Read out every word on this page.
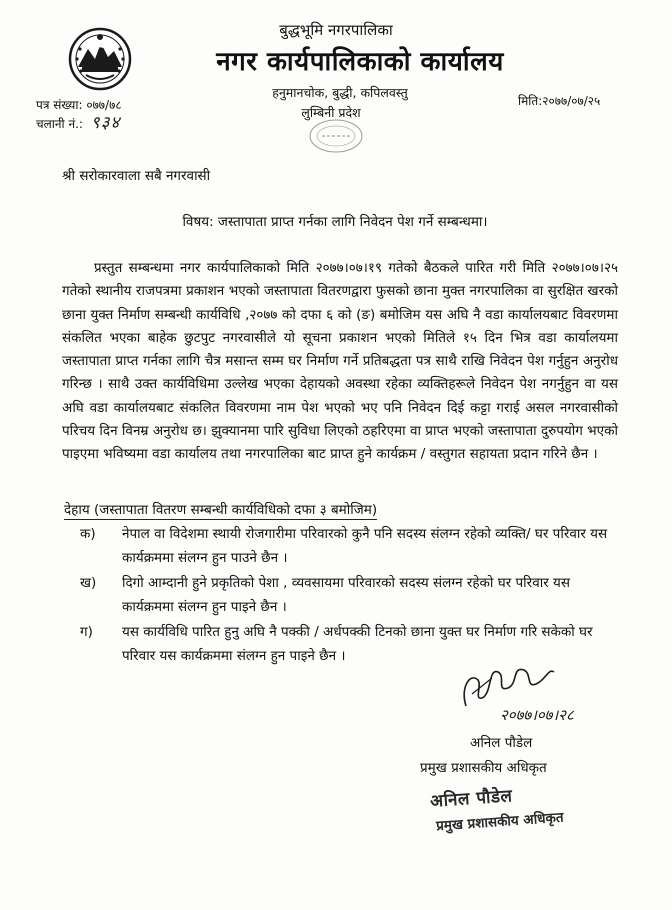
बुद्धभूमि नगरपालिका
नगर कार्यपालिकाको कार्यालय
हनुमानचोक, बुद्धी, कपिलवस्तु
लुम्बिनी प्रदेश
पत्र संख्या: ०७७/७८
चलानी नं.: ९३४
मिति:२०७७/०७/२५
श्री सरोकारवाला सबै नगरवासी
विषय: जस्तापाता प्राप्त गर्नका लागि निवेदन पेश गर्ने सम्बन्धमा।

प्रस्तुत सम्बन्धमा नगर कार्यपालिकाको मिति २०७७।०७।१९ गतेको बैठकले पारित गरी मिति २०७७।०७।२५ गतेको स्थानीय राजपत्रमा प्रकाशन भएको जस्तापाता वितरणद्वारा फुसको छाना मुक्त नगरपालिका वा सुरक्षित खरको छाना युक्त निर्माण सम्बन्धी कार्यविधि ,२०७७ को दफा ६ को (ङ) बमोजिम यस अघि नै वडा कार्यालयबाट विवरणमा संकलित भएका बाहेक छुटपुट नगरवासीले यो सूचना प्रकाशन भएको मितिले १५ दिन भित्र वडा कार्यालयमा जस्तापाता प्राप्त गर्नका लागि चैत्र मसान्त सम्म घर निर्माण गर्ने प्रतिबद्धता पत्र साथै राखि निवेदन पेश गर्नुहुन अनुरोध गरिन्छ । साथै उक्त कार्यविधिमा उल्लेख भएका देहायको अवस्था रहेका व्यक्तिहरूले निवेदन पेश नगर्नुहुन वा यस अघि वडा कार्यालयबाट संकलित विवरणमा नाम पेश भएको भए पनि निवेदन दिई कट्टा गराई असल नगरवासीको परिचय दिन विनम्र अनुरोध छ। झुक्यानमा पारि सुविधा लिएको ठहरिएमा वा प्राप्त भएको जस्तापाता दुरुपयोग भएको पाइएमा भविष्यमा वडा कार्यालय तथा नगरपालिका बाट प्राप्त हुने कार्यक्रम / वस्तुगत सहायता प्रदान गरिने छैन ।

देहाय (जस्तापाता वितरण सम्बन्धी कार्यविधिको दफा ३ बमोजिम)
क)	नेपाल वा विदेशमा स्थायी रोजगारीमा परिवारको कुनै पनि सदस्य संलग्न रहेको व्यक्ति/ घर परिवार यस कार्यक्रममा संलग्न हुन पाउने छैन ।
ख)	दिगो आम्दानी हुने प्रकृतिको पेशा , व्यवसायमा परिवारको सदस्य संलग्न रहेको घर परिवार यस कार्यक्रममा संलग्न हुन पाइने छैन ।
ग)	यस कार्यविधि पारित हुनु अघि नै पक्की / अर्धपक्की टिनको छाना युक्त घर निर्माण गरि सकेको घर परिवार यस कार्यक्रममा संलग्न हुन पाइने छैन ।
२०७७।०७।२८
अनिल पौडेल
प्रमुख प्रशासकीय अधिकृत
अनिल पौडेल
प्रमुख प्रशासकीय अधिकृत
